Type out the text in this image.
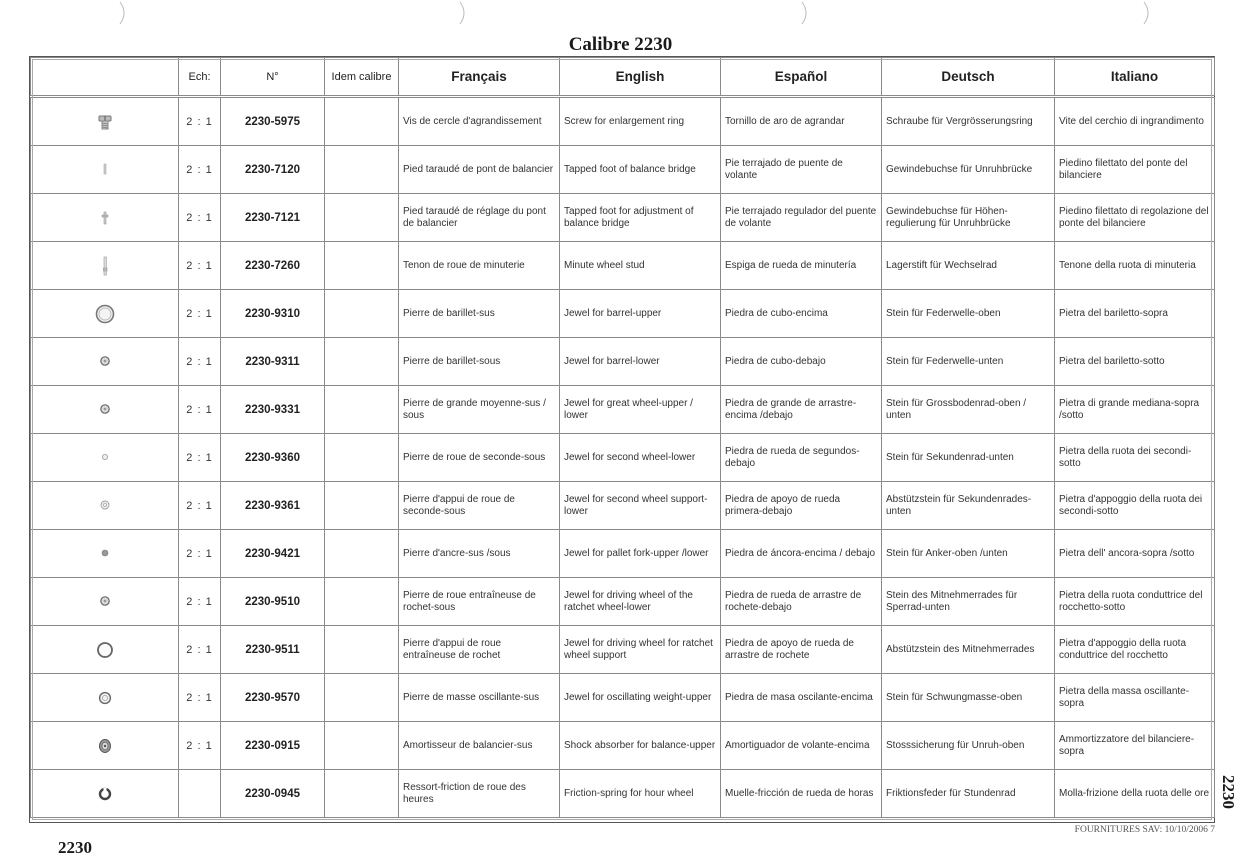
Calibre 2230
	Ech:	N°	Idem calibre	Français	English	Español	Deutsch	Italiano

	2 : 1	2230-5975		Vis de cercle d'agrandissement	Screw for enlargement ring	Tornillo de aro de agrandar	Schraube für Vergrösserungsring	Vite del cerchio di ingrandimento
	2 : 1	2230-7120		Pied taraudé de pont de balancier	Tapped foot of balance bridge	Pie terrajado de puente de volante	Gewindebuchse für Unruhbrücke	Piedino filettato del ponte del bilanciere
	2 : 1	2230-7121		Pied taraudé de réglage du pont de balancier	Tapped foot for adjustment of balance bridge	Pie terrajado regulador del puente de volante	Gewindebuchse für Höhen-regulierung für Unruhbrücke	Piedino filettato di regolazione del ponte del bilanciere
	2 : 1	2230-7260		Tenon de roue de minuterie	Minute wheel stud	Espiga de rueda de minutería	Lagerstift für Wechselrad	Tenone della ruota di minuteria
	2 : 1	2230-9310		Pierre de barillet-sus	Jewel for barrel-upper	Piedra de cubo-encima	Stein für Federwelle-oben	Pietra del bariletto-sopra
	2 : 1	2230-9311		Pierre de barillet-sous	Jewel for barrel-lower	Piedra de cubo-debajo	Stein für Federwelle-unten	Pietra del bariletto-sotto
	2 : 1	2230-9331		Pierre de grande moyenne-sus / sous	Jewel for great wheel-upper / lower	Piedra de grande de arrastre-encima /debajo	Stein für Grossbodenrad-oben / unten	Pietra di grande mediana-sopra /sotto
	2 : 1	2230-9360		Pierre de roue de seconde-sous	Jewel for second wheel-lower	Piedra de rueda de segundos-debajo	Stein für Sekundenrad-unten	Pietra della ruota dei secondi-sotto
	2 : 1	2230-9361		Pierre d'appui de roue de seconde-sous	Jewel for second wheel support-lower	Piedra de apoyo de rueda primera-debajo	Abstützstein für Sekundenrades-unten	Pietra d'appoggio della ruota dei secondi-sotto
	2 : 1	2230-9421		Pierre d'ancre-sus /sous	Jewel for pallet fork-upper /lower	Piedra de áncora-encima / debajo	Stein für Anker-oben /unten	Pietra dell' ancora-sopra /sotto
	2 : 1	2230-9510		Pierre de roue entraîneuse de rochet-sous	Jewel for driving wheel of the ratchet wheel-lower	Piedra de rueda de arrastre de rochete-debajo	Stein des Mitnehmerrades für Sperrad-unten	Pietra della ruota conduttrice del rocchetto-sotto
	2 : 1	2230-9511		Pierre d'appui de roue entraîneuse de rochet	Jewel for driving wheel for ratchet wheel support	Piedra de apoyo de rueda de arrastre de rochete	Abstützstein des Mitnehmerrades	Pietra d'appoggio della ruota conduttrice del rocchetto
	2 : 1	2230-9570		Pierre de masse oscillante-sus	Jewel for oscillating weight-upper	Piedra de masa oscilante-encima	Stein für Schwungmasse-oben	Pietra della massa oscillante-sopra
	2 : 1	2230-0915		Amortisseur de balancier-sus	Shock absorber for balance-upper	Amortiguador de volante-encima	Stosssicherung für Unruh-oben	Ammortizzatore del bilanciere-sopra
		2230-0945		Ressort-friction de roue des heures	Friction-spring for hour wheel	Muelle-fricción de rueda de horas	Friktionsfeder für Stundenrad	Molla-frizione della ruota delle ore 2230
FOURNITURES SAV: 10/10/2006 7
2230
